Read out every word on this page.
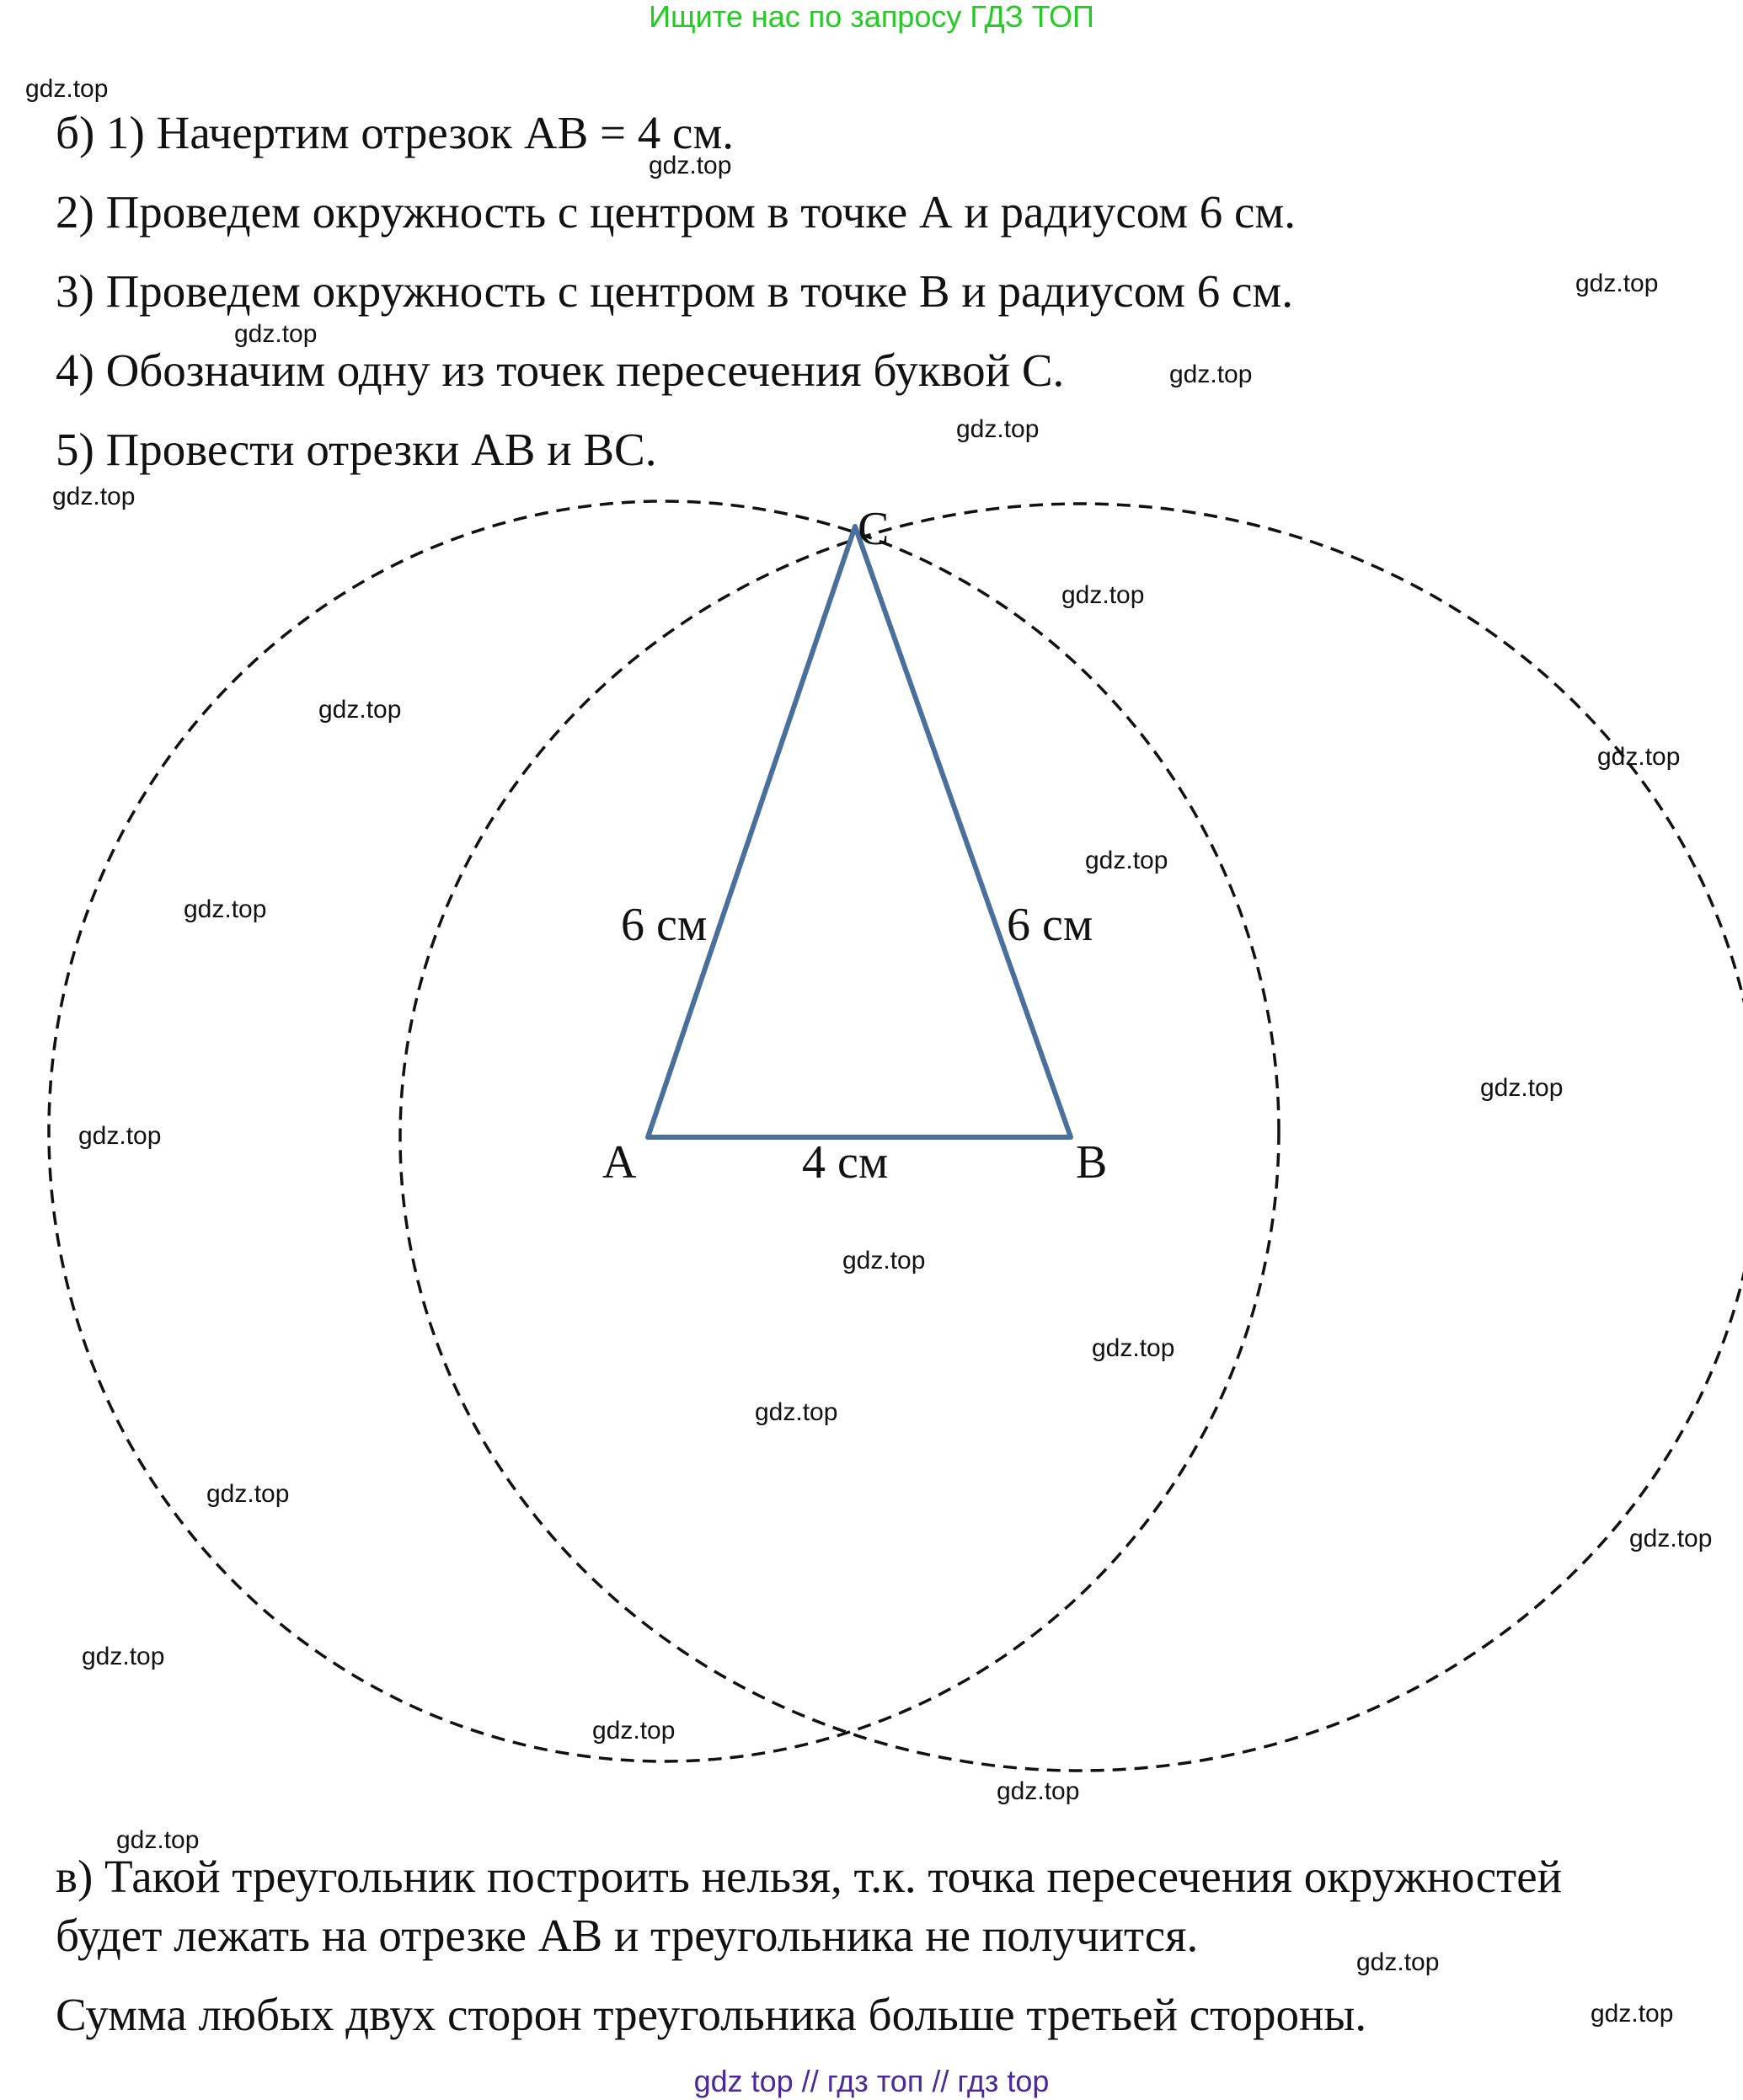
Ищите нас по запросу ГДЗ ТОП
б) 1) Начертим отрезок АВ = 4 см.
2) Проведем окружность с центром в точке А и радиусом 6 см.
3) Проведем окружность с центром в точке В и радиусом 6 см.
4) Обозначим одну из точек пересечения буквой С.
5) Провести отрезки АВ и ВС.
A	B
C
6 см	6 см
4 см
в) Такой треугольник построить нельзя, т.к. точка пересечения окружностей
будет лежать на отрезке АВ и треугольника не получится.
Сумма любых двух сторон треугольника больше третьей стороны.
gdz.top
gdz.top
gdz.top
gdz.top
gdz.top
gdz.top
gdz.top
gdz.top
gdz.top
gdz.top
gdz.top
gdz.top
gdz.top
gdz.top
gdz.top
gdz.top
gdz.top
gdz.top
gdz.top
gdz.top
gdz.top
gdz.top
gdz.top
gdz.top
gdz.top
gdz top // гдз топ // гдз top
